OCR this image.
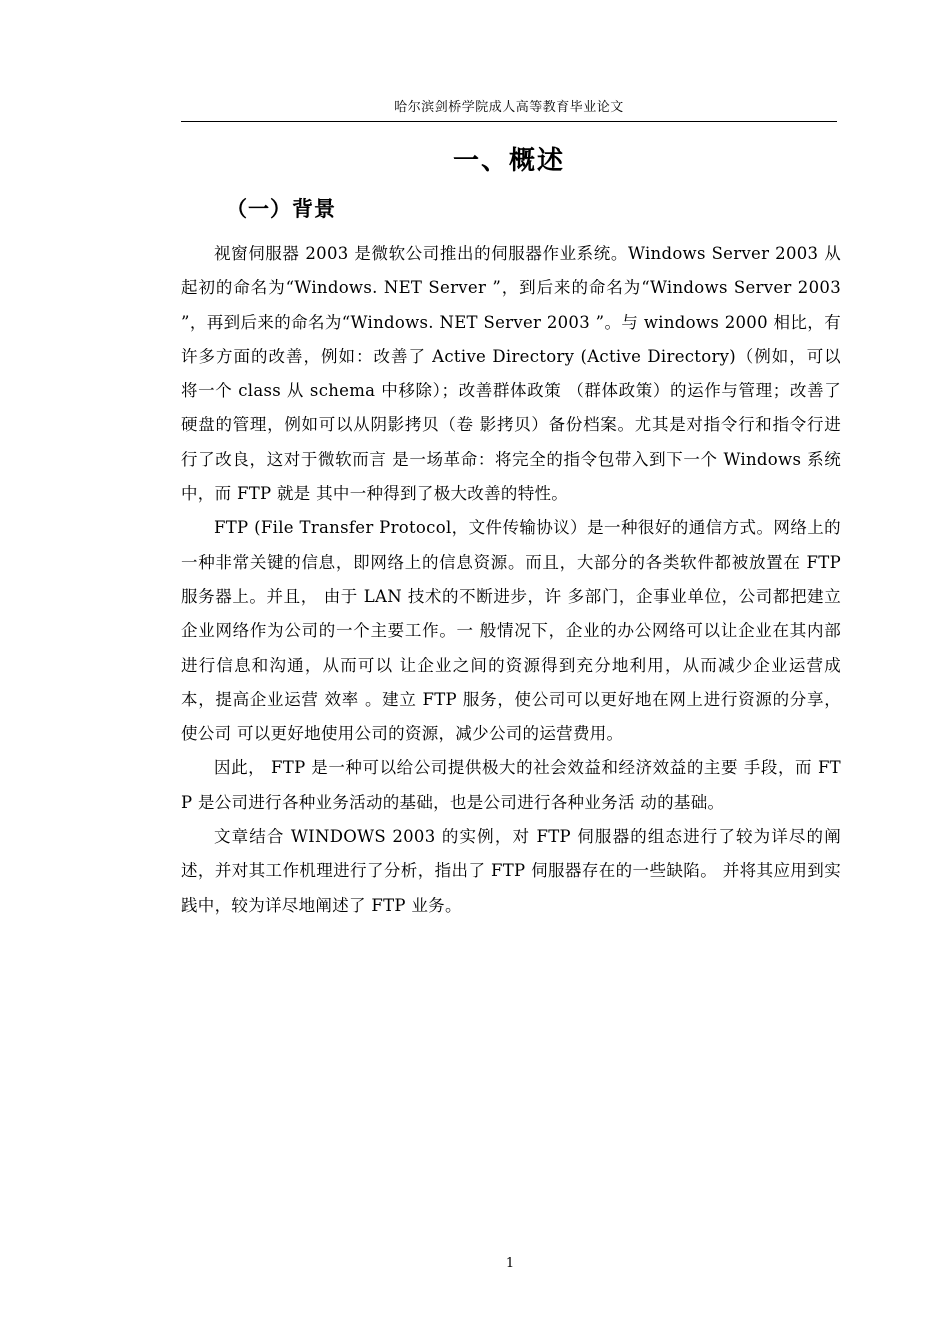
哈尔滨剑桥学院成人高等教育毕业论文
一、概述
（一）背景

视窗伺服器 2003 是微软公司推出的伺服器作业系统。Windows Server 2003 从起初的命名为“Windows. NET Server ”，到后来的命名为“Windows Server 2003 ”，再到后来的命名为“Windows. NET Server 2003 ”。与 windows 2000 相比，有许多方面的改善，例如：改善了 Active Directory (Active Directory)（例如，可以将一个 class 从 schema 中移除）；改善群体政策 （群体政策）的运作与管理；改善了硬盘的管理，例如可以从阴影拷贝（卷 影拷贝）备份档案。尤其是对指令行和指令行进行了改良，这对于微软而言 是一场革命：将完全的指令包带入到下一个 Windows 系统中，而 FTP 就是 其中一种得到了极大改善的特性。

FTP (File Transfer Protocol，文件传输协议）是一种很好的通信方式。网络上的一种非常关键的信息，即网络上的信息资源。而且，大部分的各类软件都被放置在 FTP 服务器上。并且， 由于 LAN 技术的不断进步，许 多部门，企事业单位，公司都把建立企业网络作为公司的一个主要工作。一 般情况下，企业的办公网络可以让企业在其内部进行信息和沟通，从而可以 让企业之间的资源得到充分地利用，从而减少企业运营成本，提高企业运营 效率 。建立 FTP 服务，使公司可以更好地在网上进行资源的分享，使公司 可以更好地使用公司的资源，减少公司的运营费用。

因此， FTP 是一种可以给公司提供极大的社会效益和经济效益的主要 手段，而 FTP 是公司进行各种业务活动的基础，也是公司进行各种业务活 动的基础。

文章结合 WINDOWS 2003 的实例，对 FTP 伺服器的组态进行了较为详尽的阐述，并对其工作机理进行了分析，指出了 FTP 伺服器存在的一些缺陷。 并将其应用到实践中，较为详尽地阐述了 FTP 业务。

1
